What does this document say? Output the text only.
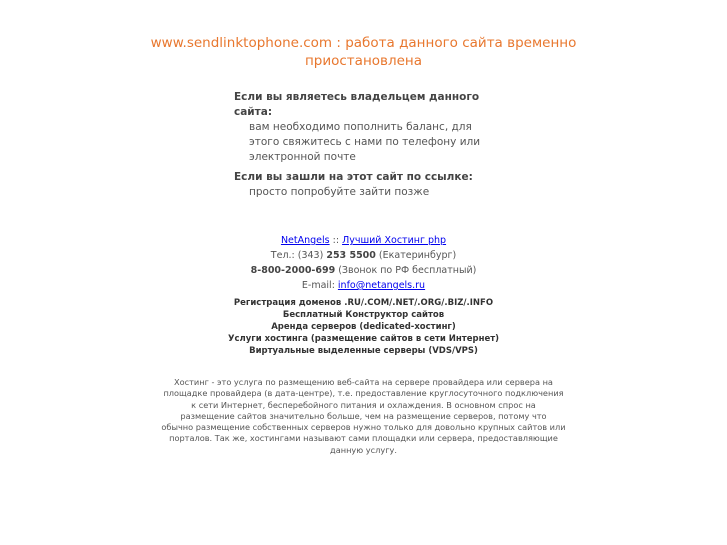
www.sendlinktophone.com : работа данного сайта временно
приостановлена
Если вы являетесь владельцем данного
сайта:
вам необходимо пополнить баланс, для
этого свяжитесь с нами по телефону или
электронной почте
Если вы зашли на этот сайт по ссылке:
просто попробуйте зайти позже
NetAngels :: Лучший Хостинг php
Тел.: (343) 253 5500 (Екатеринбург)
8-800-2000-699 (Звонок по РФ бесплатный)
E-mail: info@netangels.ru
Регистрация доменов .RU/.COM/.NET/.ORG/.BIZ/.INFO
Бесплатный Конструктор сайтов
Аренда серверов (dedicated-хостинг)
Услуги хостинга (размещение сайтов в сети Интернет)
Виртуальные выделенные серверы (VDS/VPS)
Хостинг - это услуга по размещению веб-сайта на сервере провайдера или сервера на
площадке провайдера (в дата-центре), т.е. предоставление круглосуточного подключения
к сети Интернет, бесперебойного питания и охлаждения. В основном спрос на
размещение сайтов значительно больше, чем на размещение серверов, потому что
обычно размещение собственных серверов нужно только для довольно крупных сайтов или
порталов. Так же, хостингами называют сами площадки или сервера, предоставляющие
данную услугу.
